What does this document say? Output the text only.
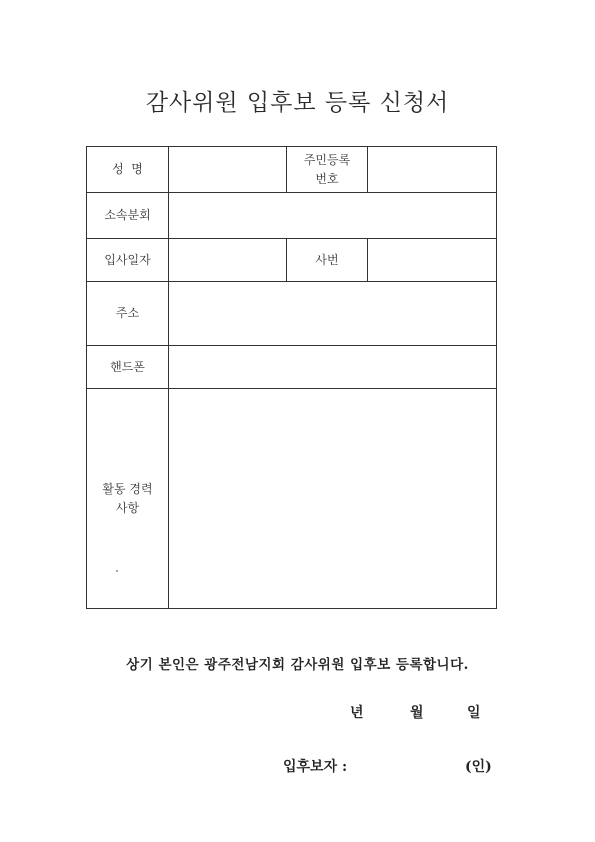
감사위원 입후보 등록 신청서
성  명		주민등록
번호	

소속분회			
입사일자		사번	
주소			
핸드폰			

활동 경력
사항			

상기 본인은 광주전남지회 감사위원 입후보 등록합니다.
년	월	일
입후보자 :	(인)
